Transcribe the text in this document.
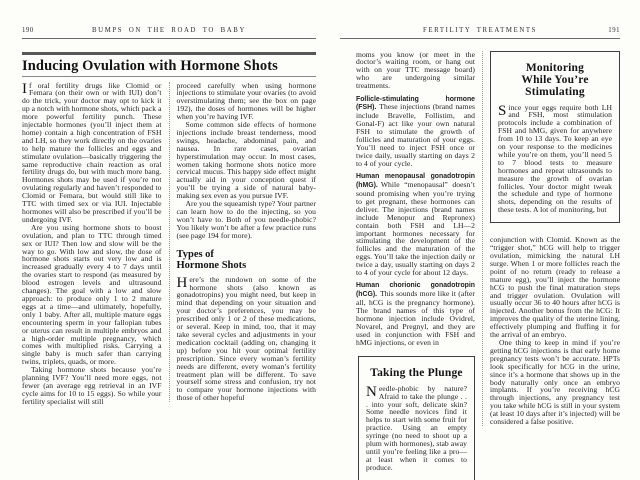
190	BUMPS ON THE ROAD TO BABY
Inducing Ovulation with Hormone Shots

If oral fertility drugs like Clomid or Femara (on their own or with IUI) don’t do the trick, your doctor may opt to kick it up a notch with hormone shots, which pack a more powerful fertility punch. These injectable hormones (you’ll inject them at home) contain a high concentration of FSH and LH, so they work directly on the ovaries to help mature the follicles and eggs and stimulate ovulation—basically triggering the same reproductive chain reaction as oral fertility drugs do, but with much more bang. Hormones shots may be used if you’re not ovulating regularly and haven’t responded to Clomid or Femara, but would still like to TTC with timed sex or via IUI. Injectable hormones will also be prescribed if you’ll be undergoing IVF.

Are you using hormone shots to boost ovulation, and plan to TTC through timed sex or IUI? Then low and slow will be the way to go. With low and slow, the dose of hormone shots starts out very low and is increased gradually every 4 to 7 days until the ovaries start to respond (as measured by blood estrogen levels and ultrasound changes). The goal with a low and slow approach: to produce only 1 to 2 mature eggs at a time—and ultimately, hopefully, only 1 baby. After all, multiple mature eggs encountering sperm in your fallopian tubes or uterus can result in multiple embryos and a high-order multiple pregnancy, which comes with multiplied risks. Carrying a single baby is much safer than carrying twins, triplets, quads, or more.

Taking hormone shots because you’re planning IVF? You’ll need more eggs, not fewer (an average egg retrieval in an IVF cycle aims for 10 to 15 eggs). So while your fertility specialist will still

proceed carefully when using hormone injections to stimulate your ovaries (to avoid overstimulating them; see the box on page 192), the doses of hormones will be higher when you’re having IVF.

Some common side effects of hormone injections include breast tenderness, mood swings, headache, abdominal pain, and nausea. In rare cases, ovarian hyperstimulation may occur. In most cases, women taking hormone shots notice more cervical mucus. This happy side effect might actually aid in your conception quest if you’ll be trying a side of natural baby-making sex even as you pursue IVF.

Are you the squeamish type? Your partner can learn how to do the injecting, so you won’t have to. Both of you needle-phobic? You likely won’t be after a few practice runs (see page 194 for more).

Types of
Hormone Shots

Here’s the rundown on some of the hormone shots (also known as gonadotropins) you might need, but keep in mind that depending on your situation and your doctor’s preferences, you may be prescribed only 1 or 2 of these medications, or several. Keep in mind, too, that it may take several cycles and adjustments in your medication cocktail (adding on, changing it up) before you hit your optimal fertility prescription. Since every woman’s fertility needs are different, every woman’s fertility treatment plan will be different. To save yourself some stress and confusion, try not to compare your hormone injections with those of other hopeful

FERTILITY TREATMENTS	191

moms you know (or meet in the doctor’s waiting room, or hang out with on your TTC message board) who are undergoing similar treatments.

Follicle-stimulating hormone (FSH). These injections (brand names include Bravelle, Follistim, and Gonal-F) act like your own natural FSH to stimulate the growth of follicles and maturation of your eggs. You’ll need to inject FSH once or twice daily, usually starting on days 2 to 4 of your cycle.

Human menopausal gonadotropin (hMG). While “menopausal” doesn’t sound promising when you’re trying to get pregnant, these hormones can deliver. The injections (brand names include Menopur and Repronex) contain both FSH and LH—2 important hormones necessary for stimulating the development of the follicles and the maturation of the eggs. You’ll take the injection daily or twice a day, usually starting on days 2 to 4 of your cycle for about 12 days.

Human chorionic gonadotropin (hCG). This sounds more like it (after all, hCG is the pregnancy hormone). The brand names of this type of hormone injection include Ovidrel, Novarel, and Pregnyl, and they are used in conjunction with FSH and hMG injections, or even in

Taking the Plunge

Needle-phobic by nature? Afraid to take the plunge . . . into your soft, delicate skin? Some needle novices find it helps to start with some fruit for practice. Using an empty syringe (no need to shoot up a plum with hormones), stab away until you’re feeling like a pro—at least when it comes to produce.

Monitoring
While You’re
Stimulating

Since your eggs require both LH and FSH, most stimulation protocols include a combination of FSH and hMG, given for anywhere from 10 to 13 days. To keep an eye on your response to the medicines while you’re on them, you’ll need 5 to 7 blood tests to measure hormones and repeat ultrasounds to measure the growth of ovarian follicles. Your doctor might tweak the schedule and type of hormone shots, depending on the results of these tests. A lot of monitoring, but

conjunction with Clomid. Known as the “trigger shot,” hCG will help to trigger ovulation, mimicking the natural LH surge. When 1 or more follicles reach the point of no return (ready to release a mature egg), you’ll inject the hormone hCG to push the final maturation steps and trigger ovulation. Ovulation will usually occur 36 to 40 hours after hCG is injected. Another bonus from the hCG: It improves the quality of the uterine lining, effectively plumping and fluffing it for the arrival of an embryo.

One thing to keep in mind if you’re getting hCG injections is that early home pregnancy tests won’t be accurate. HPTs look specifically for hCG in the urine, since it’s a hormone that shows up in the body naturally only once an embryo implants. If you’re receiving hCG through injections, any pregnancy test you take while hCG is still in your system (at least 10 days after it’s injected) will be considered a false positive.
